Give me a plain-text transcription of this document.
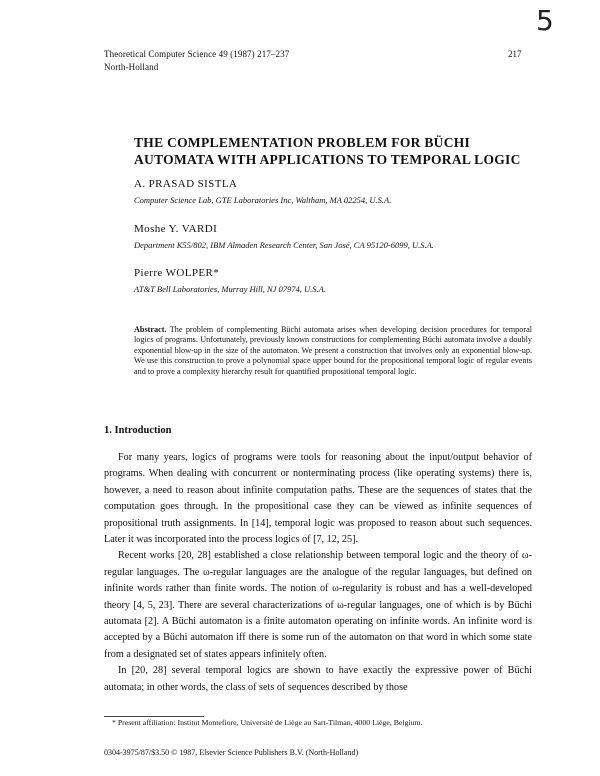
5
Theoretical Computer Science 49 (1987) 217–237
North-Holland
217
THE COMPLEMENTATION PROBLEM FOR BÜCHI
AUTOMATA WITH APPLICATIONS TO TEMPORAL LOGIC
A. PRASAD SISTLA
Computer Science Lab, GTE Laboratories Inc, Waltham, MA 02254, U.S.A.
Moshe Y. VARDI
Department K55/802, IBM Almaden Research Center, San José, CA 95120-6099, U.S.A.
Pierre WOLPER*
AT&T Bell Laboratories, Murray Hill, NJ 07974, U.S.A.
Abstract. The problem of complementing Büchi automata arises when developing decision procedures for temporal logics of programs. Unfortunately, previously known constructions for complementing Büchi automata involve a doubly exponential blow-up in the size of the automaton. We present a construction that involves only an exponential blow-up. We use this construction to prove a polynomial space upper bound for the propositional temporal logic of regular events and to prove a complexity hierarchy result for quantified propositional temporal logic.
1. Introduction

For many years, logics of programs were tools for reasoning about the input/output behavior of programs. When dealing with concurrent or nonterminating process (like operating systems) there is, however, a need to reason about infinite computation paths. These are the sequences of states that the computation goes through. In the propositional case they can be viewed as infinite sequences of propositional truth assignments. In [14], temporal logic was proposed to reason about such sequences. Later it was incorporated into the process logics of [7, 12, 25].

Recent works [20, 28] established a close relationship between temporal logic and the theory of ω-regular languages. The ω-regular languages are the analogue of the regular languages, but defined on infinite words rather than finite words. The notion of ω-regularity is robust and has a well-developed theory [4, 5, 23]. There are several characterizations of ω-regular languages, one of which is by Büchi automata [2]. A Büchi automaton is a finite automaton operating on infinite words. An infinite word is accepted by a Büchi automaton iff there is some run of the automaton on that word in which some state from a designated set of states appears infinitely often.

In [20, 28] several temporal logics are shown to have exactly the expressive power of Büchi automata; in other words, the class of sets of sequences described by those

* Present affiliation: Institut Montefiore, Université de Liège au Sart-Tilman, 4000 Liège, Belgium.
0304-3975/87/$3.50 © 1987, Elsevier Science Publishers B.V. (North-Holland)
